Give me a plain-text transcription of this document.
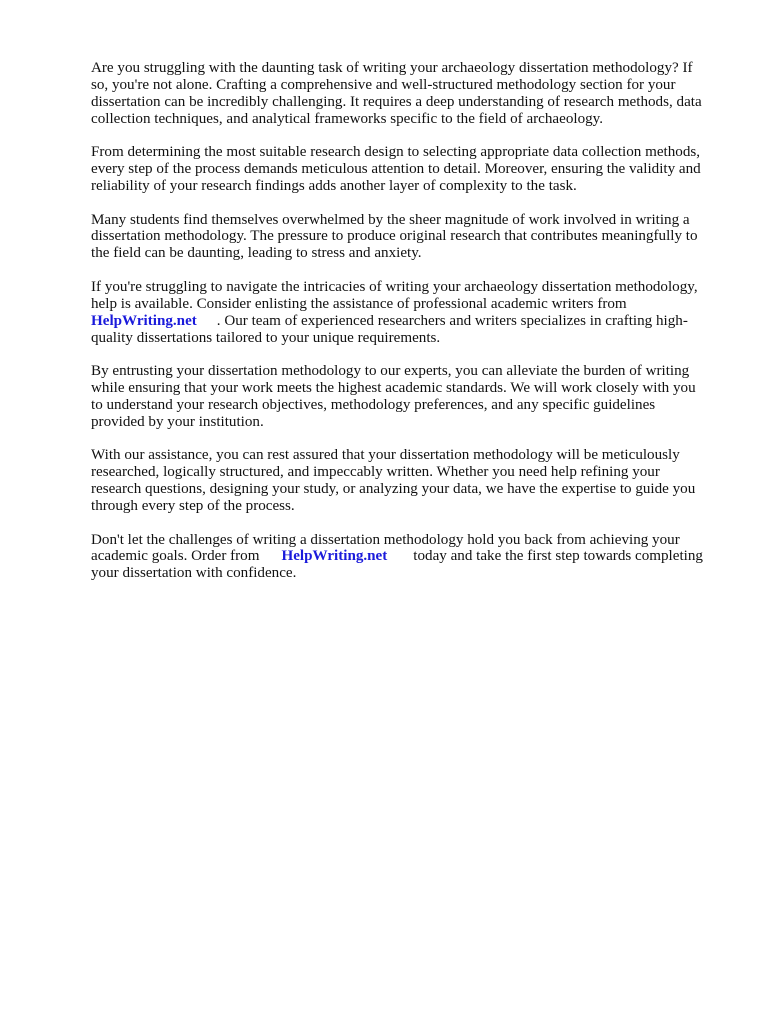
Are you struggling with the daunting task of writing your archaeology dissertation methodology? If
so, you're not alone. Crafting a comprehensive and well-structured methodology section for your
dissertation can be incredibly challenging. It requires a deep understanding of research methods, data
collection techniques, and analytical frameworks specific to the field of archaeology.

From determining the most suitable research design to selecting appropriate data collection methods,
every step of the process demands meticulous attention to detail. Moreover, ensuring the validity and
reliability of your research findings adds another layer of complexity to the task.

Many students find themselves overwhelmed by the sheer magnitude of work involved in writing a
dissertation methodology. The pressure to produce original research that contributes meaningfully to
the field can be daunting, leading to stress and anxiety.

If you're struggling to navigate the intricacies of writing your archaeology dissertation methodology,
help is available. Consider enlisting the assistance of professional academic writers from
HelpWriting.net . Our team of experienced researchers and writers specializes in crafting high-
quality dissertations tailored to your unique requirements.

By entrusting your dissertation methodology to our experts, you can alleviate the burden of writing
while ensuring that your work meets the highest academic standards. We will work closely with you
to understand your research objectives, methodology preferences, and any specific guidelines
provided by your institution.

With our assistance, you can rest assured that your dissertation methodology will be meticulously
researched, logically structured, and impeccably written. Whether you need help refining your
research questions, designing your study, or analyzing your data, we have the expertise to guide you
through every step of the process.

Don't let the challenges of writing a dissertation methodology hold you back from achieving your
academic goals. Order from HelpWriting.net today and take the first step towards completing
your dissertation with confidence.
